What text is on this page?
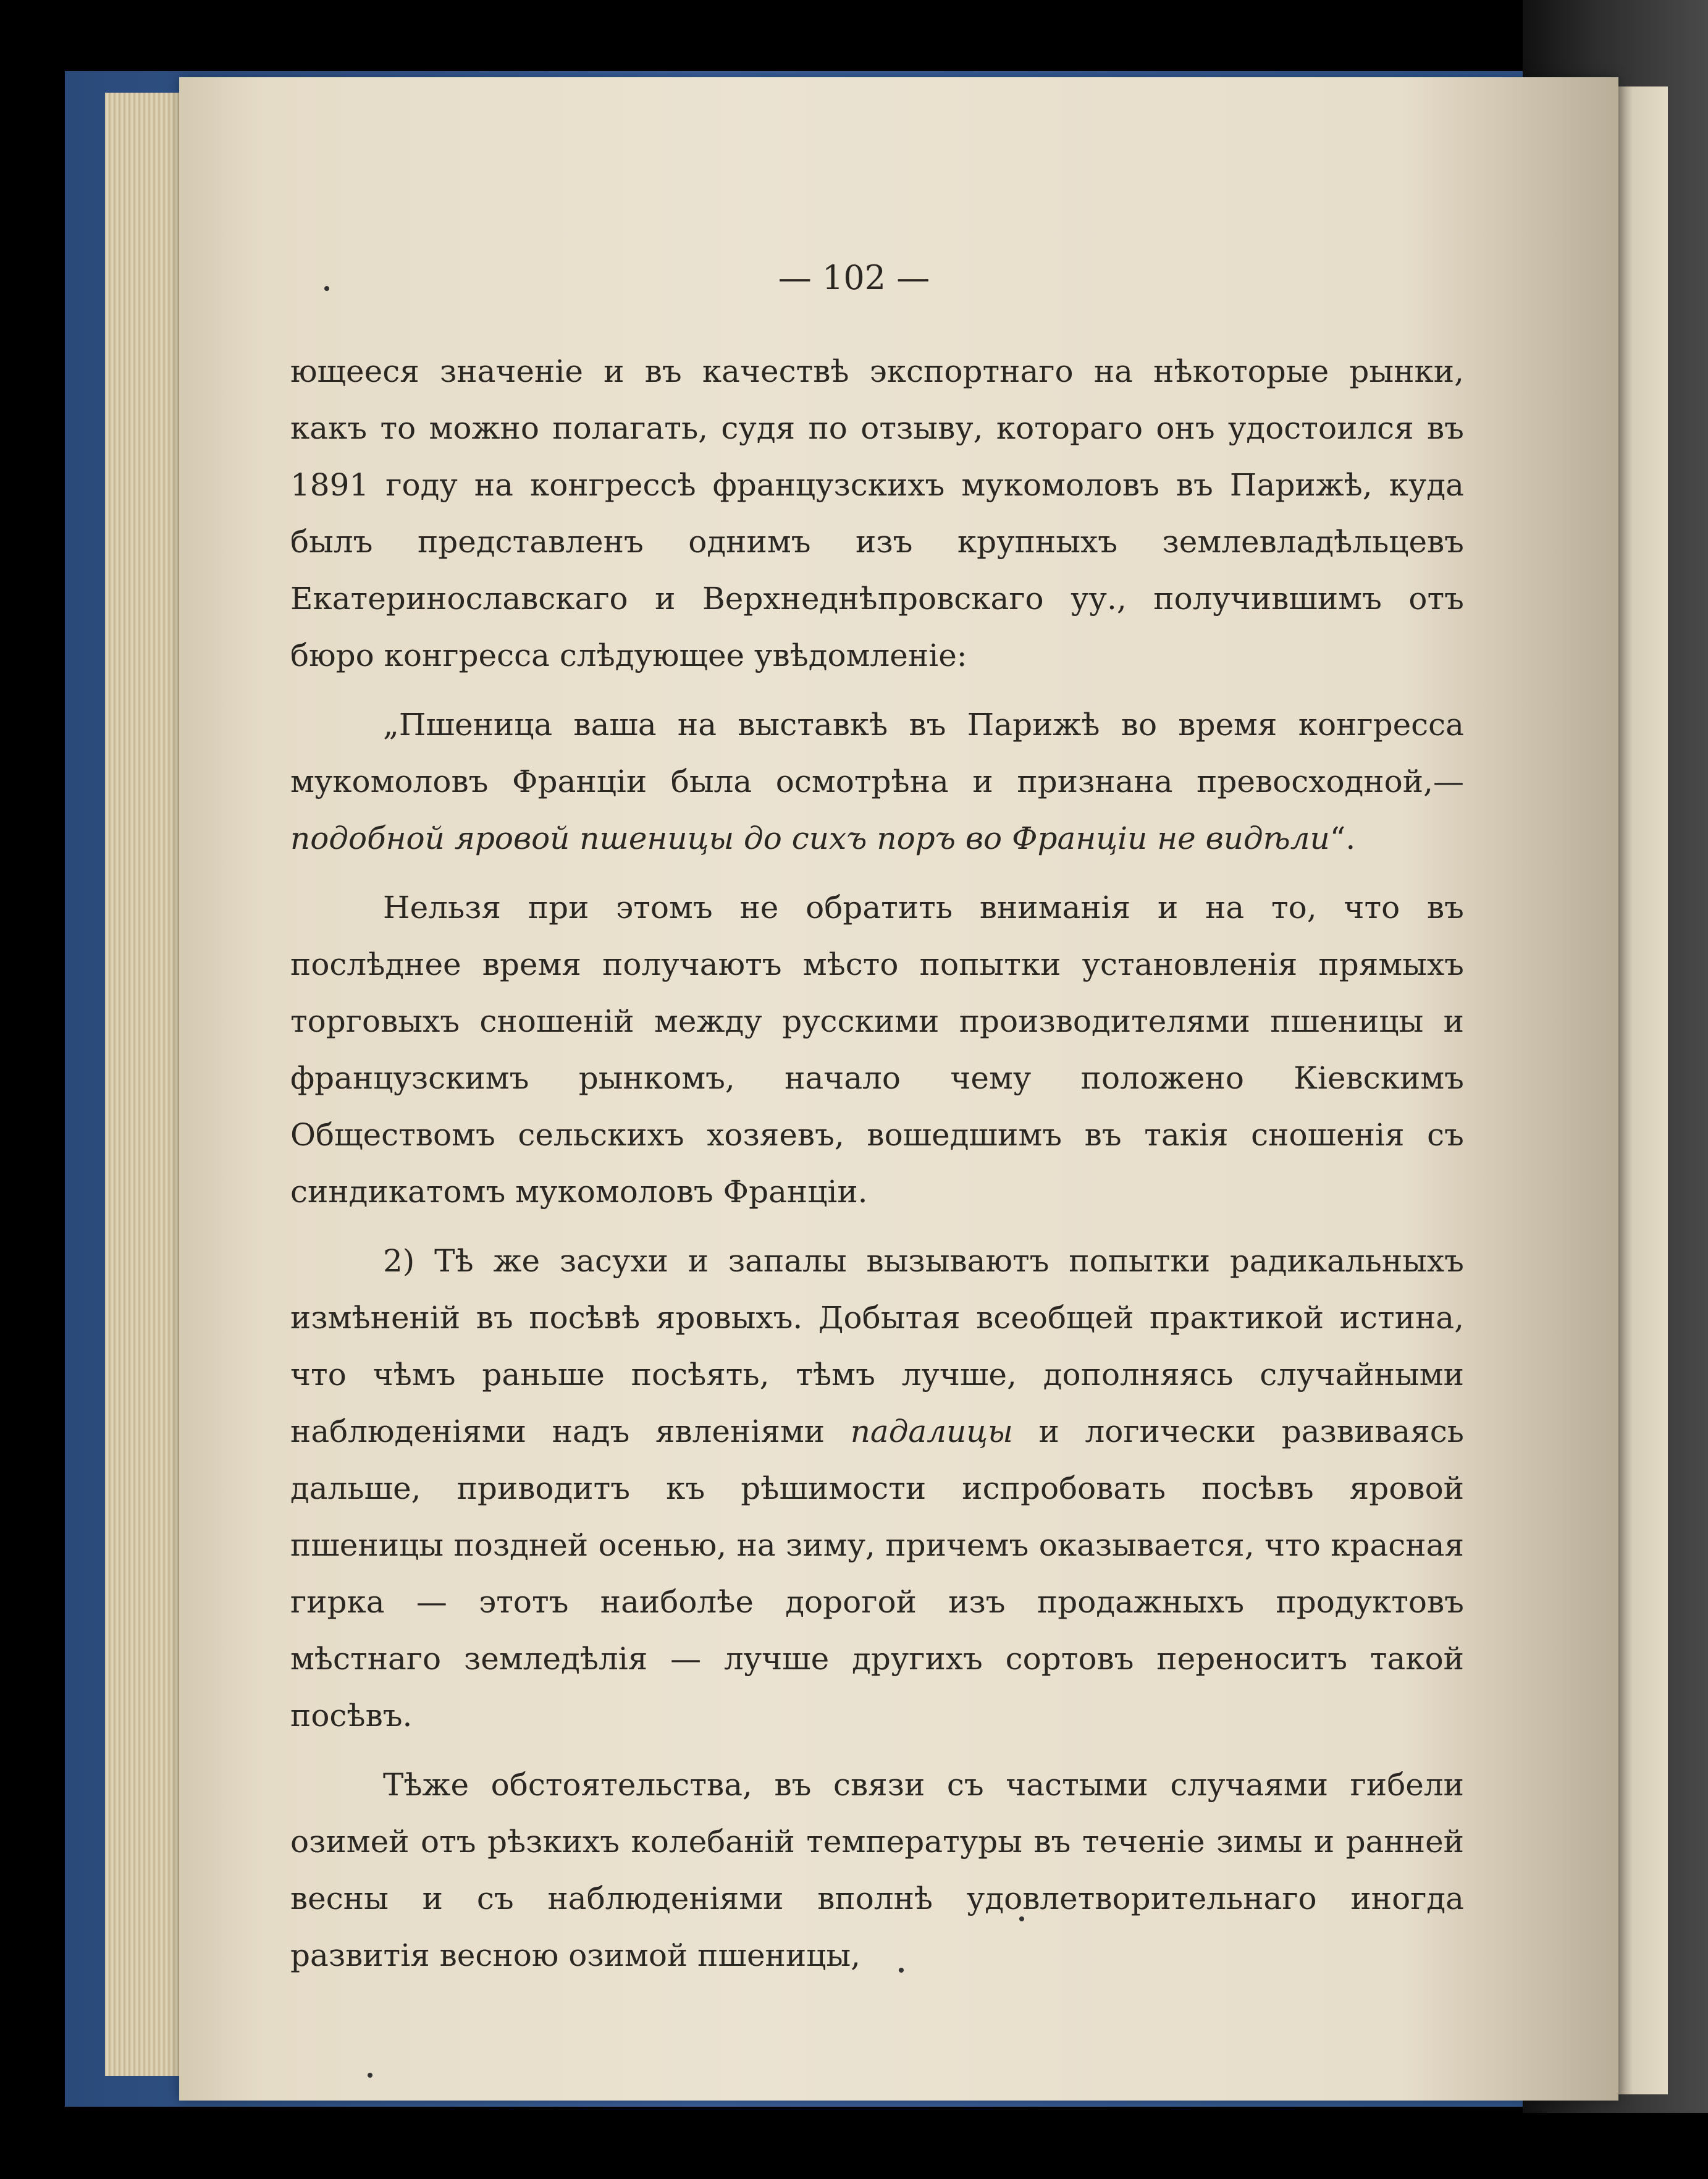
— 102 —

ющееся значеніе и въ качествѣ экспортнаго на нѣкоторые рынки, какъ то можно полагать, судя по отзыву, котораго онъ удостоился въ 1891 году на конгрессѣ французскихъ мукомоловъ въ Парижѣ, куда былъ представленъ однимъ изъ крупныхъ землевладѣльцевъ Екатеринославскаго и Верхнеднѣпровскаго уу., получившимъ отъ бюро конгресса слѣдующее увѣдомленіе:

„Пшеница ваша на выставкѣ въ Парижѣ во время конгресса мукомоловъ Франціи была осмотрѣна и признана превосходной,—подобной яровой пшеницы до сихъ поръ во Франціи не видѣли“.

Нельзя при этомъ не обратить вниманія и на то, что въ послѣднее время получаютъ мѣсто попытки установленія прямыхъ торговыхъ сношеній между русскими производителями пшеницы и французскимъ рынкомъ, начало чему положено Кіевскимъ Обществомъ сельскихъ хозяевъ, вошедшимъ въ такія сношенія съ синдикатомъ мукомоловъ Франціи.

2) Тѣ же засухи и запалы вызываютъ попытки радикальныхъ измѣненій въ посѣвѣ яровыхъ. Добытая всеобщей практикой истина, что чѣмъ раньше посѣять, тѣмъ лучше, дополняясь случайными наблюденіями надъ явленіями падалицы и логически развиваясь дальше, приводитъ къ рѣшимости испробовать посѣвъ яровой пшеницы поздней осенью, на зиму, причемъ оказывается, что красная гирка — этотъ наиболѣе дорогой изъ продажныхъ продуктовъ мѣстнаго земледѣлія — лучше другихъ сортовъ переноситъ такой посѣвъ.

Тѣже обстоятельства, въ связи съ частыми случаями гибели озимей отъ рѣзкихъ колебаній температуры въ теченіе зимы и ранней весны и съ наблюденіями вполнѣ удовлетворительнаго иногда развитія весною озимой пшеницы,
